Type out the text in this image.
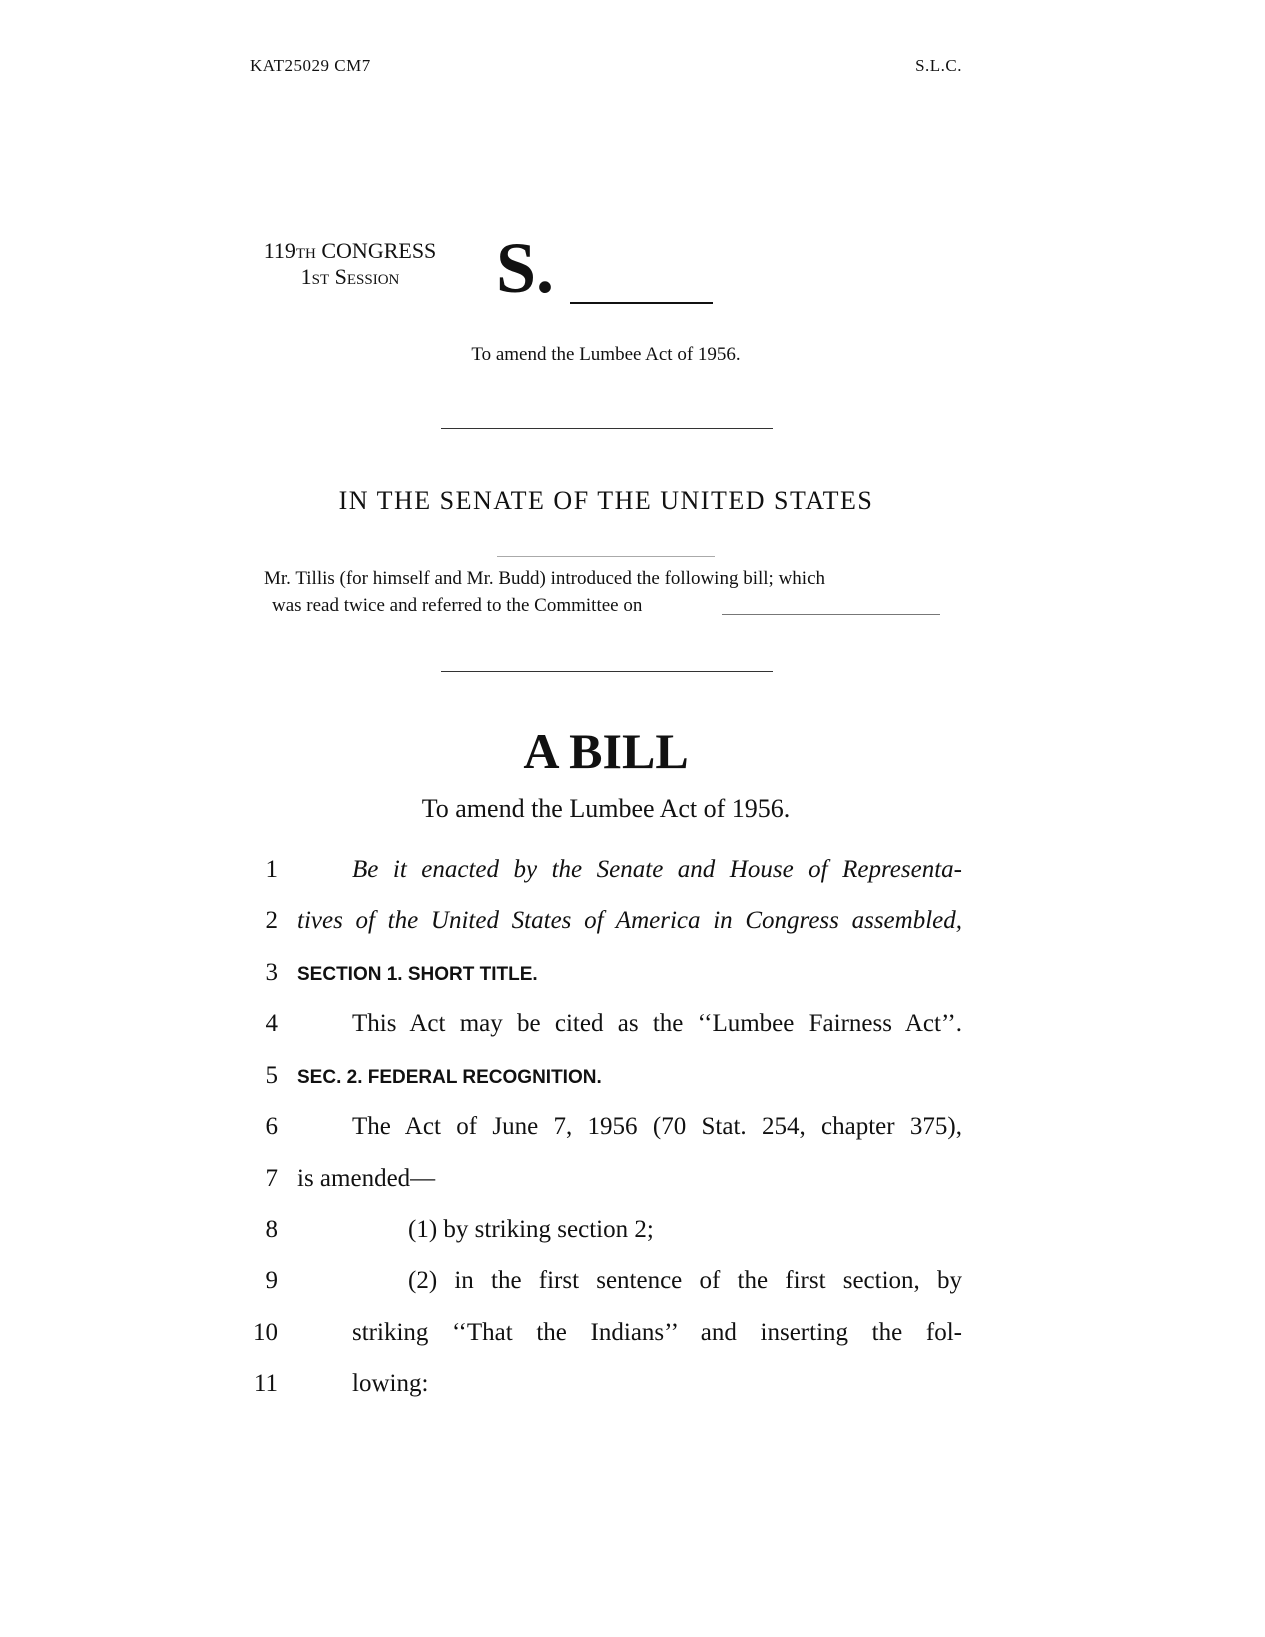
KAT25029 CM7	S.L.C.
119th CONGRESS
1st Session	S.
To amend the Lumbee Act of 1956.
IN THE SENATE OF THE UNITED STATES
Mr. Tillis (for himself and Mr. Budd) introduced the following bill; which
was read twice and referred to the Committee on
A BILL
To amend the Lumbee Act of 1956.
1	Be it enacted by the Senate and House of Representa-
2 tives of the United States of America in Congress assembled,
3 SECTION 1. SHORT TITLE.
4	This Act may be cited as the ‘‘Lumbee Fairness Act’’.
5 SEC. 2. FEDERAL RECOGNITION.
6	The Act of June 7, 1956 (70 Stat. 254, chapter 375),
7 is amended—
8	(1) by striking section 2;
9	(2) in the first sentence of the first section, by
10	striking ‘‘That the Indians’’ and inserting the fol-
11	lowing:
